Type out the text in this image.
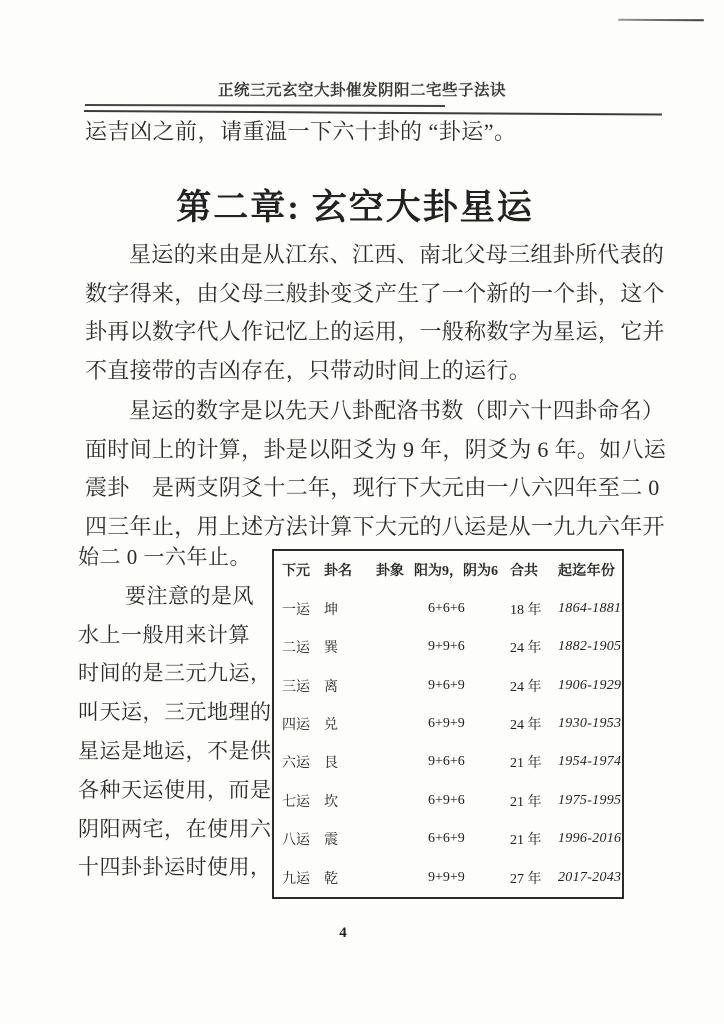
正统三元玄空大卦催发阴阳二宅些子法诀
运吉凶之前，请重温一下六十卦的 “卦运”。
第二章: 玄空大卦星运
星运的来由是从江东、江西、南北父母三组卦所代表的
数字得来，由父母三般卦变爻产生了一个新的一个卦，这个
卦再以数字代人作记忆上的运用，一般称数字为星运，它并
不直接带的吉凶存在，只带动时间上的运行。
星运的数字是以先天八卦配洛书数（即六十四卦命名）
面时间上的计算，卦是以阳爻为 9 年，阴爻为 6 年。如八运
震卦　是两支阴爻十二年，现行下大元由一八六四年至二 0
四三年止，用上述方法计算下大元的八运是从一九九六年开
始二 0 一六年止。
要注意的是风
水上一般用来计算
时间的是三元九运，
叫天运，三元地理的
星运是地运，不是供
各种天运使用，而是
阴阳两宅，在使用六
十四卦卦运时使用，
下元	卦名	卦象 阳为9，阴为6 合共	起迄年份
一运	坤	6+6+6	18 年	1864-1881
二运	巽	9+9+6	24 年	1882-1905
三运	离	9+6+9	24 年	1906-1929
四运	兑	6+9+9	24 年	1930-1953
六运	艮	9+6+6	21 年	1954-1974
七运	坎	6+9+6	21 年	1975-1995
八运	震	6+6+9	21 年	1996-2016
九运	乾	9+9+9	27 年	2017-2043
4
